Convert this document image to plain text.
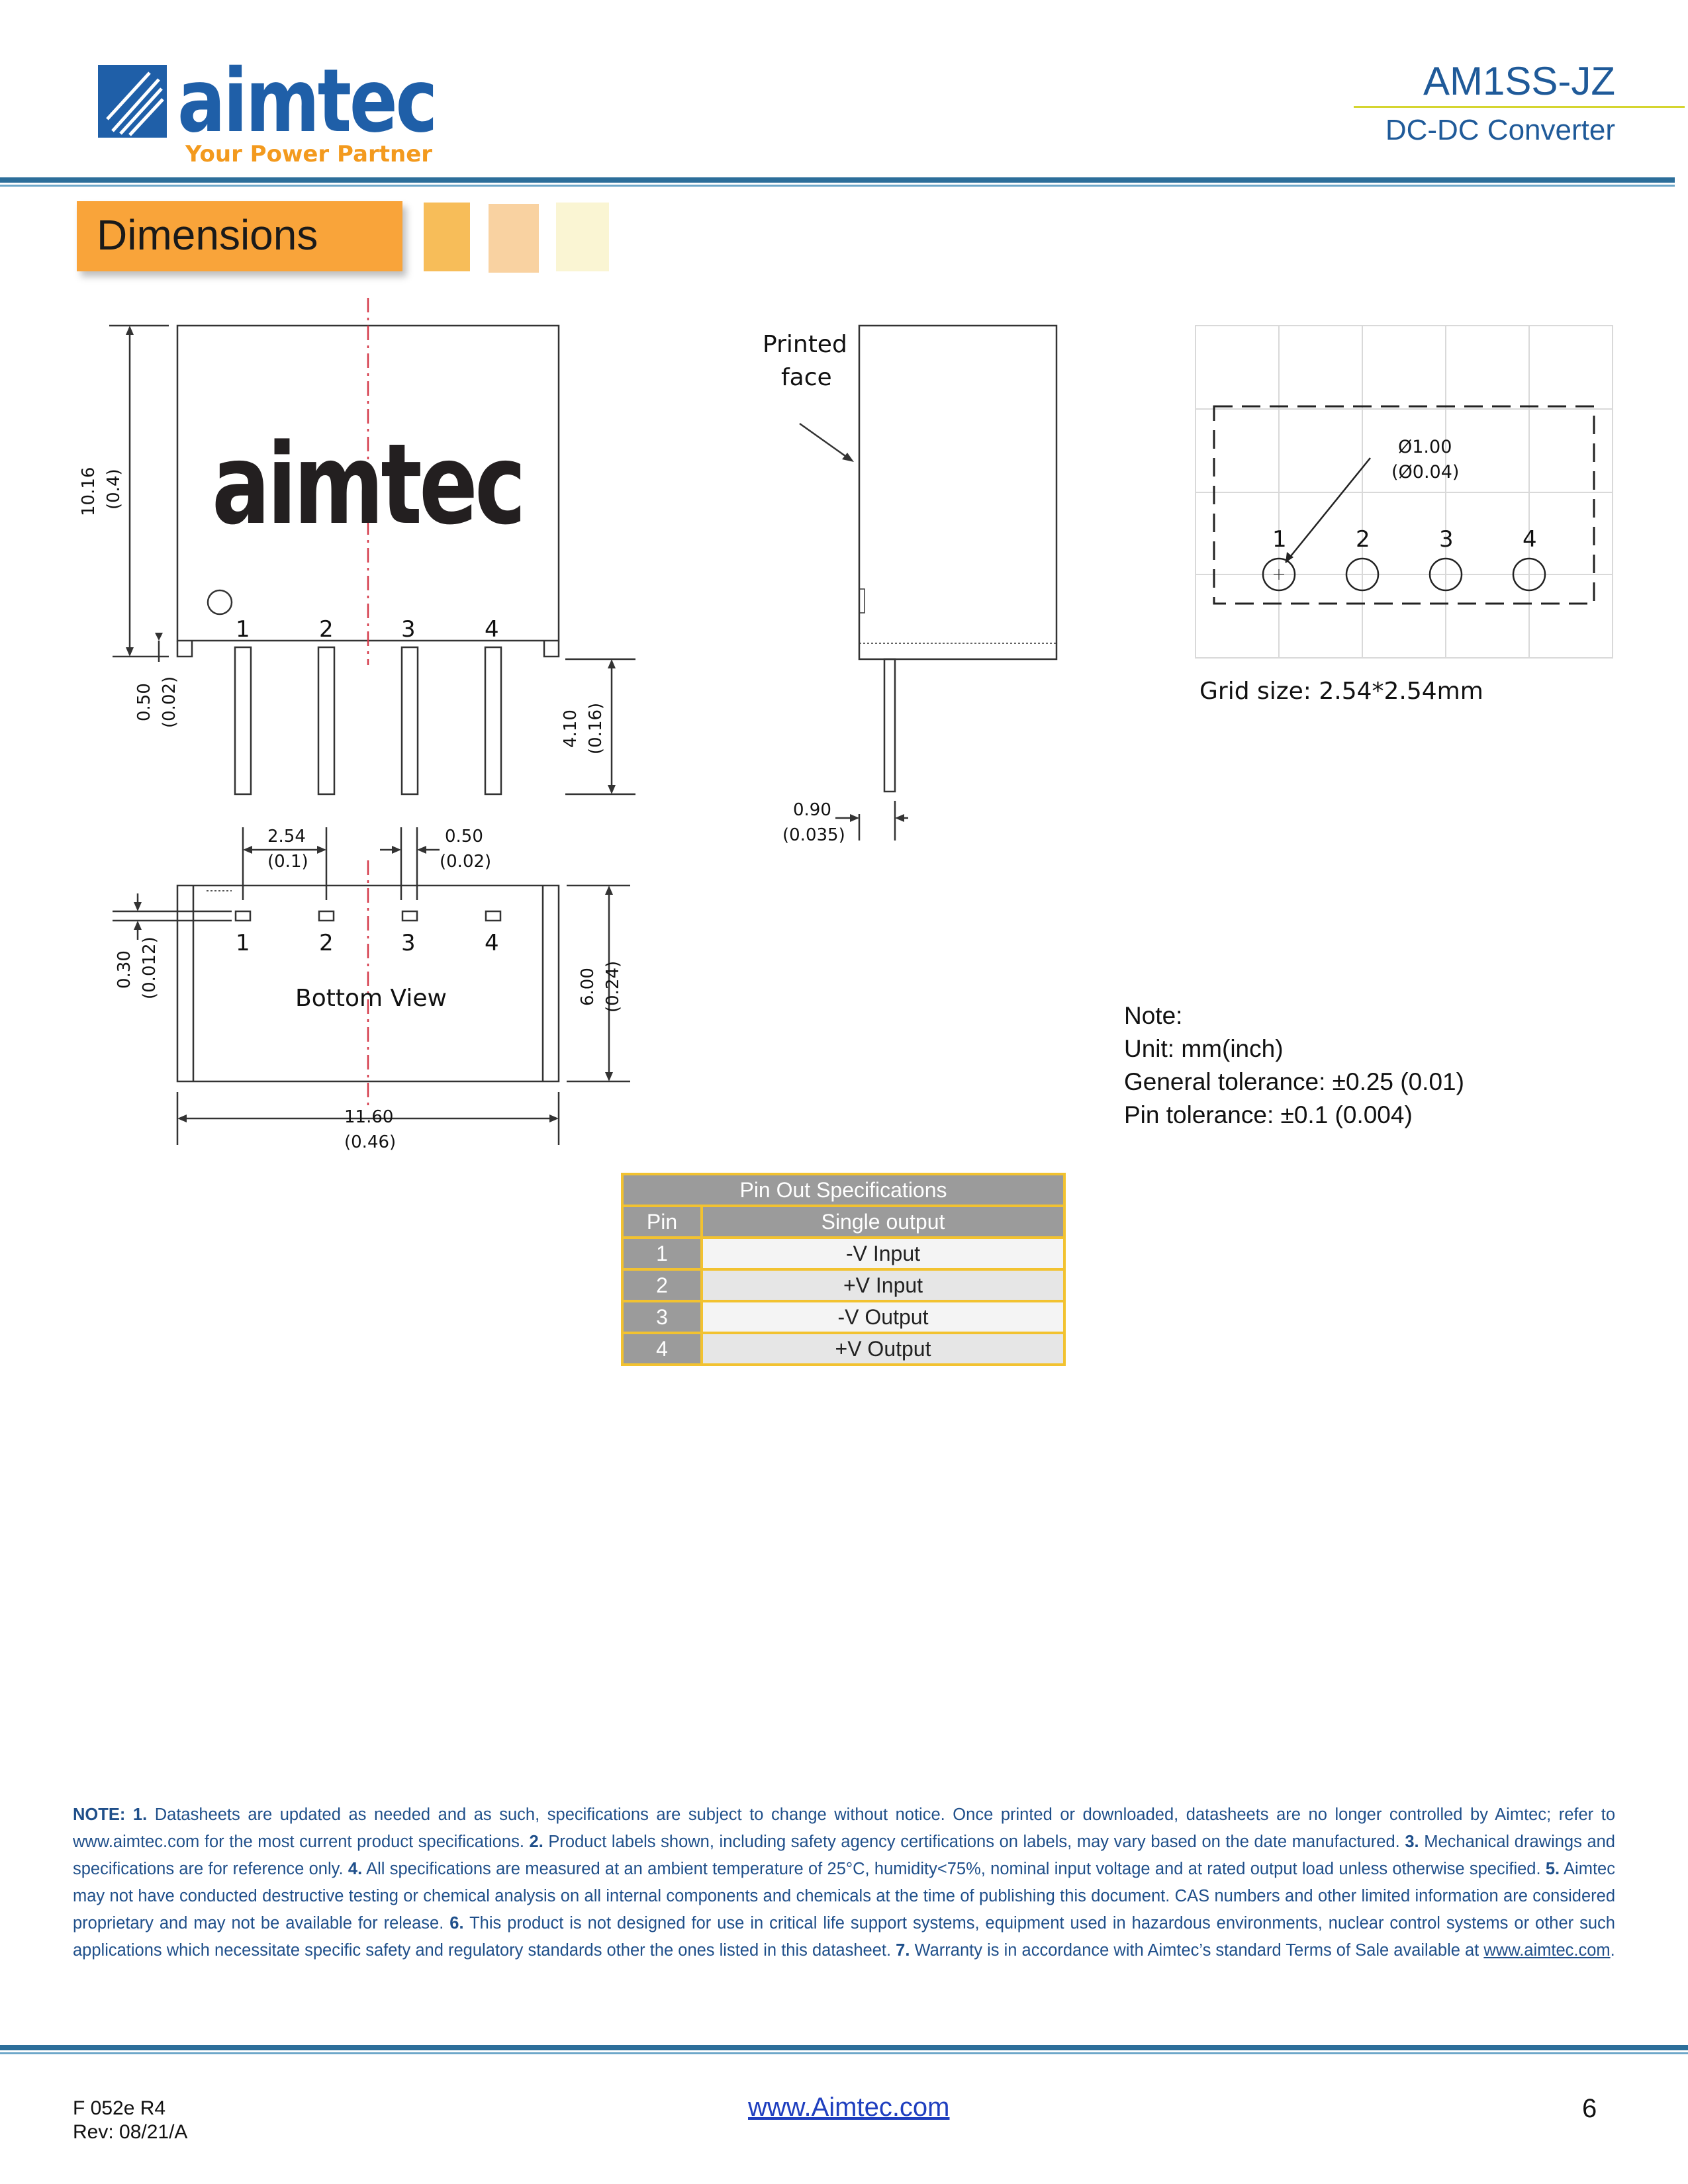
aimtec
Your Power Partner
AM1SS-JZ
DC-DC Converter
Dimensions
aimtec
1	2	3	4
10.16 (0.4)
0.50 (0.02)
4.10 (0.16)
2.54
(0.1)
0.50
(0.02)
0.30 (0.012)	6.00 (0.24)
11.60
(0.46)
1	2	3	4
Bottom View
Printed
face
0.90
(0.035)
1	2	3	4
Ø1.00
(Ø0.04)
Grid size: 2.54*2.54mm
Note:
Unit: mm(inch)
General tolerance: ±0.25 (0.01)
Pin tolerance: ±0.1 (0.004)
Pin Out Specifications	
Pin	Single output
1	-V Input
2	+V Input
3	-V Output
4	+V Output
NOTE: 1. Datasheets are updated as needed and as such, specifications are subject to change without notice. Once printed or downloaded, datasheets are no longer controlled by Aimtec; refer to www.aimtec.com for the most current product specifications. 2. Product labels shown, including safety agency certifications on labels, may vary based on the date manufactured. 3. Mechanical drawings and specifications are for reference only. 4. All specifications are measured at an ambient temperature of 25°C, humidity<75%, nominal input voltage and at rated output load unless otherwise specified. 5. Aimtec may not have conducted destructive testing or chemical analysis on all internal components and chemicals at the time of publishing this document. CAS numbers and other limited information are considered proprietary and may not be available for release. 6. This product is not designed for use in critical life support systems, equipment used in hazardous environments, nuclear control systems or other such applications which necessitate specific safety and regulatory standards other the ones listed in this datasheet. 7. Warranty is in accordance with Aimtec’s standard Terms of Sale available at www.aimtec.com.
F 052e R4
Rev: 08/21/A
www.Aimtec.com	6
